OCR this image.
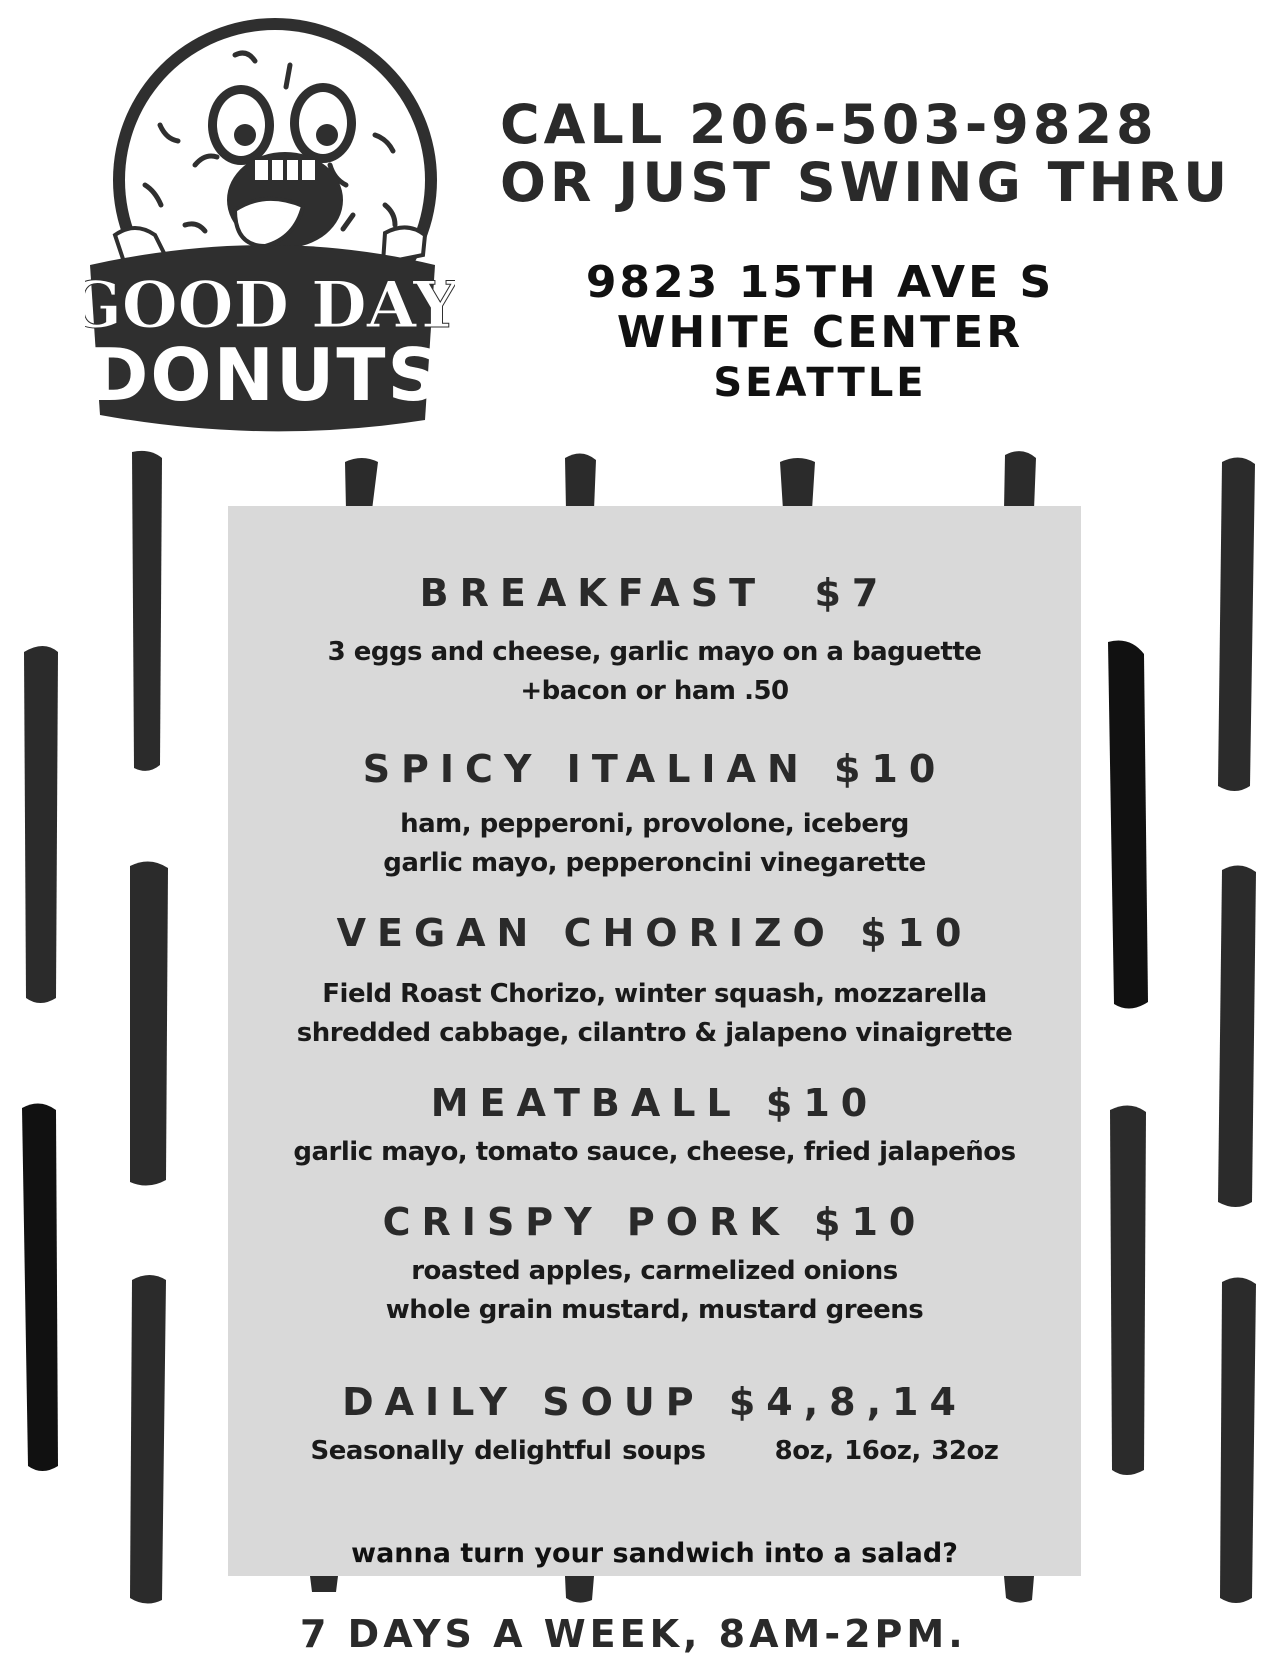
GOOD DAY
DONUTS
CALL 206-503-9828
OR JUST SWING THRU
9823 15TH AVE S
WHITE CENTER
SEATTLE

BREAKFAST  $7

3 eggs and cheese, garlic mayo on a baguette
+bacon or ham .50

SPICY ITALIAN $10

ham, pepperoni, provolone, iceberg
garlic mayo, pepperoncini vinegarette

VEGAN CHORIZO $10

Field Roast Chorizo, winter squash, mozzarella
shredded cabbage, cilantro & jalapeno vinaigrette

MEATBALL $10

garlic mayo, tomato sauce, cheese, fried jalapeños

CRISPY PORK $10

roasted apples, carmelized onions
whole grain mustard, mustard greens

DAILY SOUP $4,8,14

Seasonally delightful soups	8oz, 16oz, 32oz

wanna turn your sandwich into a salad?
7 DAYS A WEEK, 8AM-2PM.
